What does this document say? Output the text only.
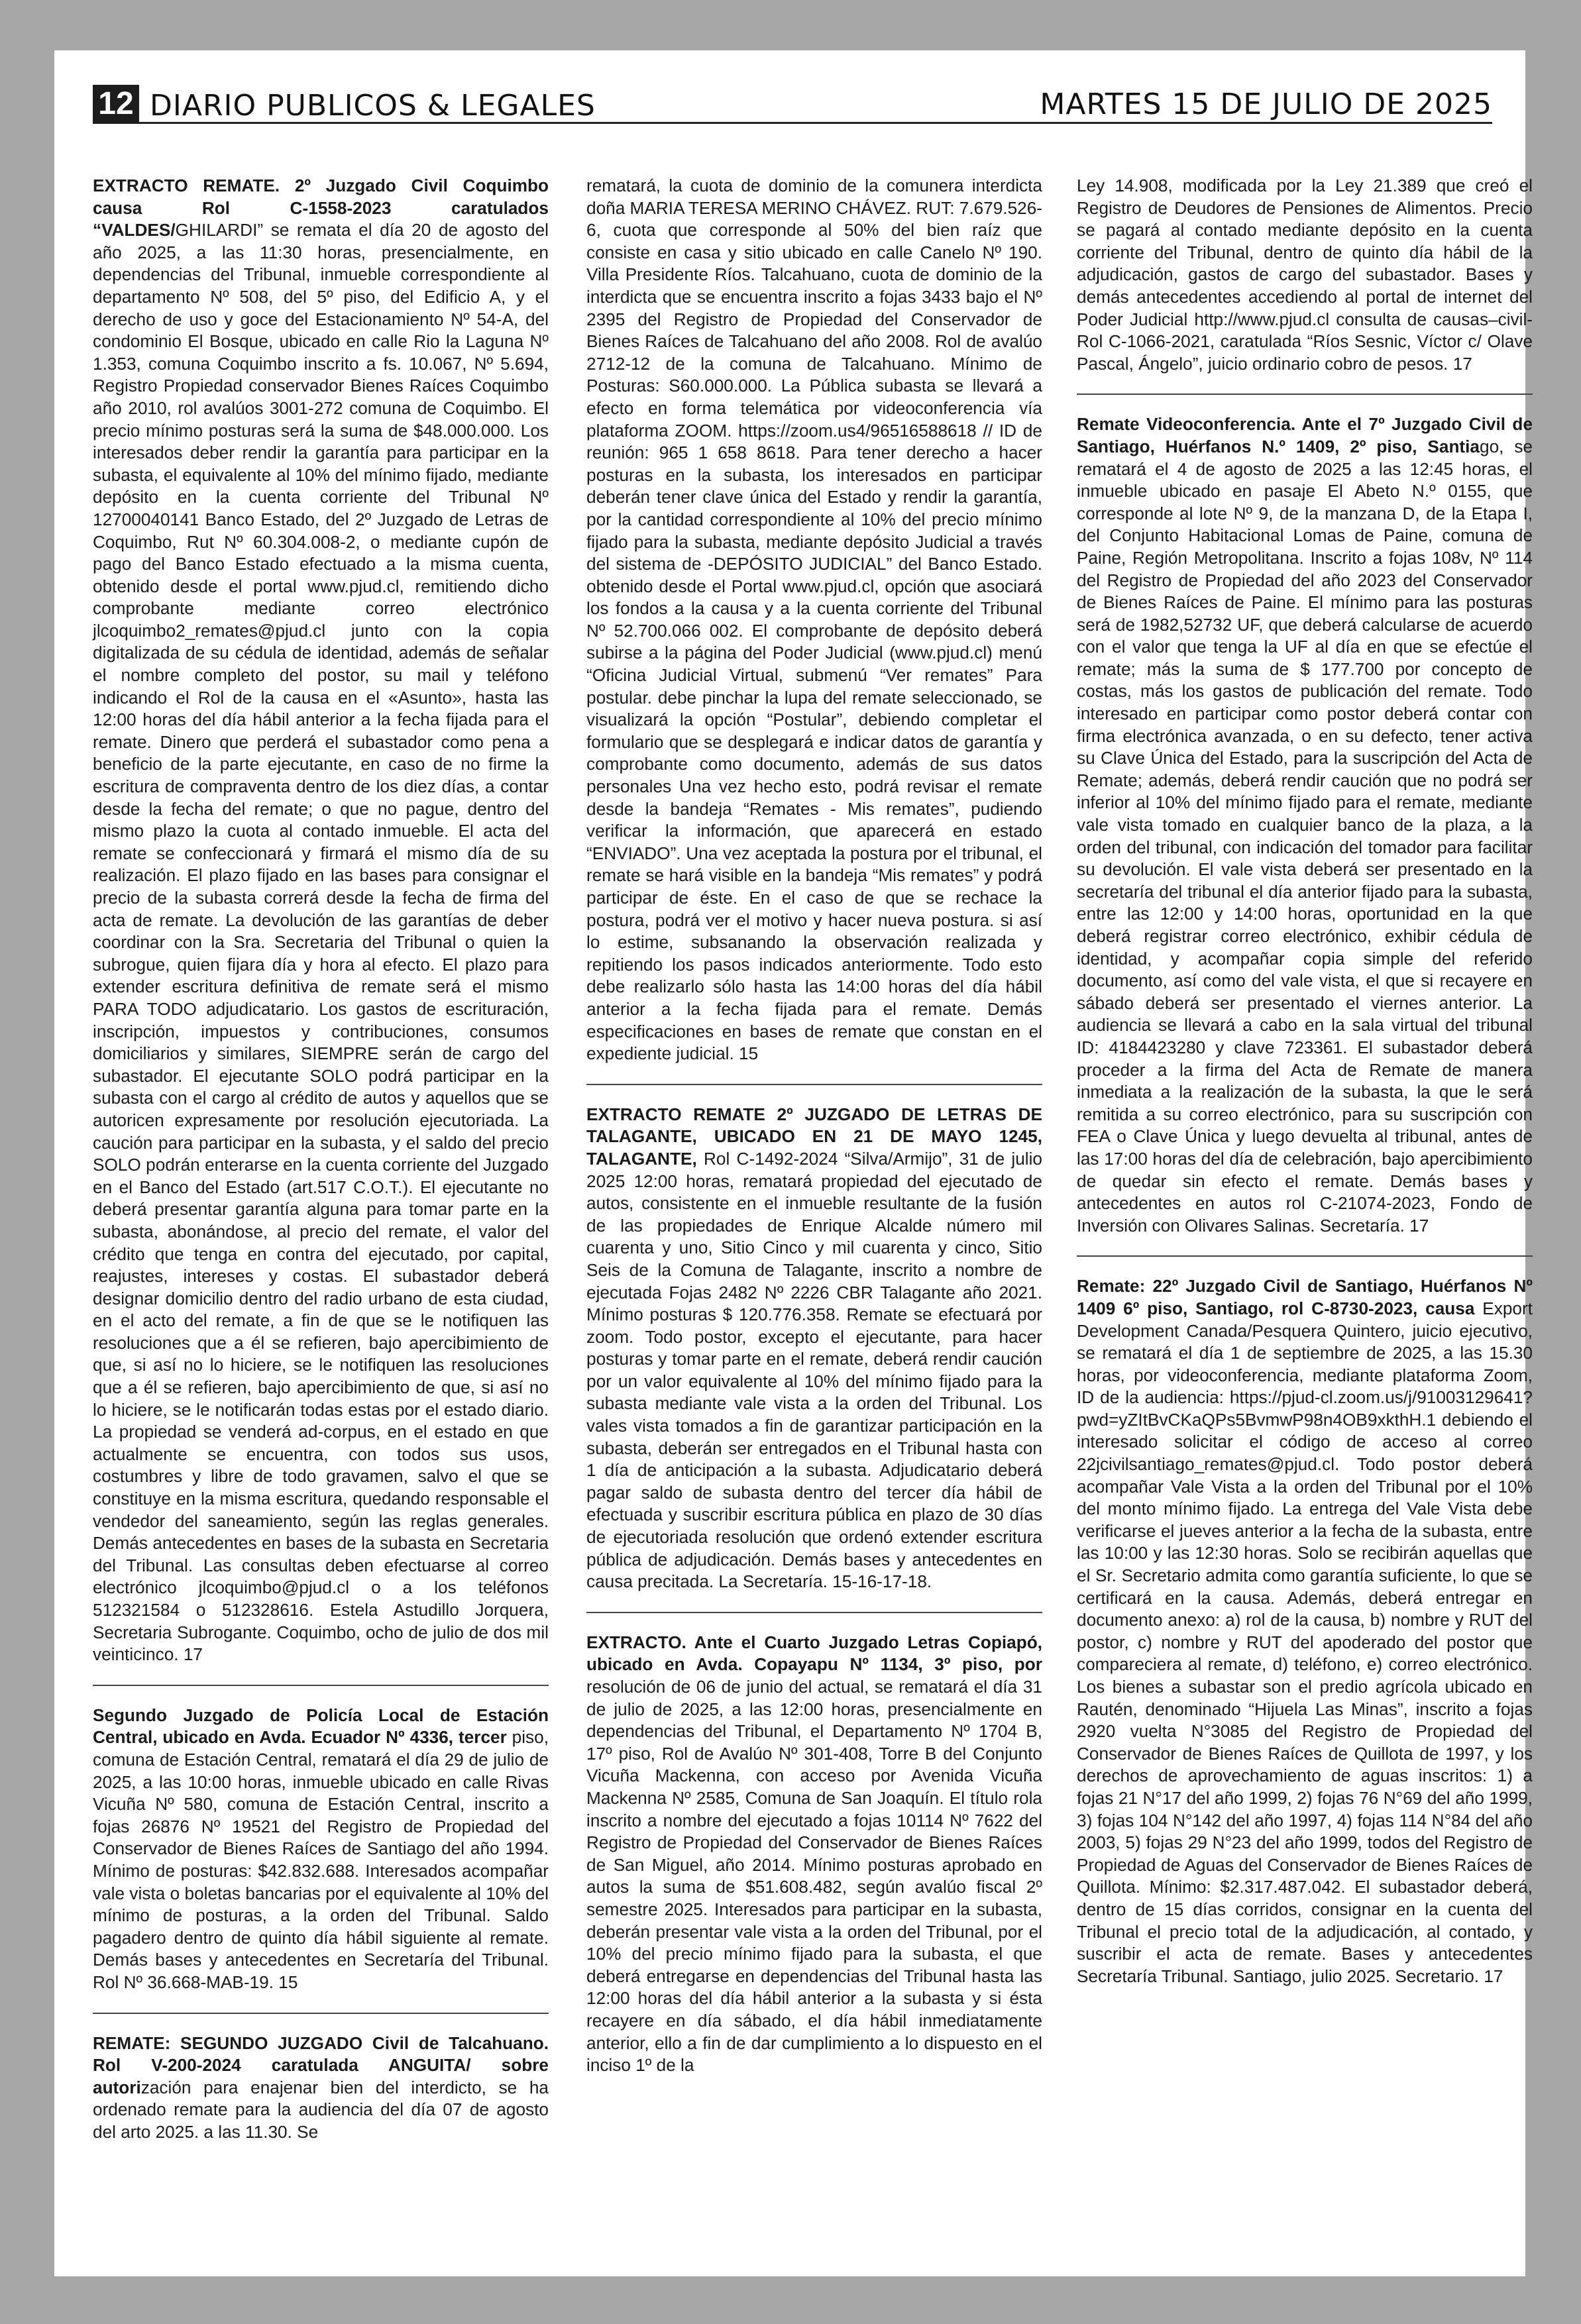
12 DIARIO PUBLICOS & LEGALES	MARTES 15 DE JULIO DE 2025

EXTRACTO REMATE. 2º Juzgado Civil Coquimbo causa Rol C-1558-2023 caratulados “VALDES/GHILARDI” se remata el día 20 de agosto del año 2025, a las 11:30 horas, presencialmente, en dependencias del Tribunal, inmueble correspondiente al departamento Nº 508, del 5º piso, del Edificio A, y el derecho de uso y goce del Estacionamiento Nº 54-A, del condominio El Bosque, ubicado en calle Rio la Laguna Nº 1.353, comuna Coquimbo inscrito a fs. 10.067, Nº 5.694, Registro Propiedad conservador Bienes Raíces Coquimbo año 2010, rol avalúos 3001-272 comuna de Coquimbo. El precio mínimo posturas será la suma de $48.000.000. Los interesados deber rendir la garantía para participar en la subasta, el equivalente al 10% del mínimo fijado, mediante depósito en la cuenta corriente del Tribunal Nº 12700040141 Banco Estado, del 2º Juzgado de Letras de Coquimbo, Rut Nº 60.304.008-2, o mediante cupón de pago del Banco Estado efectuado a la misma cuenta, obtenido desde el portal www.pjud.cl, remitiendo dicho comprobante mediante correo electrónico jlcoquimbo2_remates@pjud.cl junto con la copia digitalizada de su cédula de identidad, además de señalar el nombre completo del postor, su mail y teléfono indicando el Rol de la causa en el «Asunto», hasta las 12:00 horas del día hábil anterior a la fecha fijada para el remate. Dinero que perderá el subastador como pena a beneficio de la parte ejecutante, en caso de no firme la escritura de compraventa dentro de los diez días, a contar desde la fecha del remate; o que no pague, dentro del mismo plazo la cuota al contado inmueble. El acta del remate se confeccionará y firmará el mismo día de su realización. El plazo fijado en las bases para consignar el precio de la subasta correrá desde la fecha de firma del acta de remate. La devolución de las garantías de deber coordinar con la Sra. Secretaria del Tribunal o quien la subrogue, quien fijara día y hora al efecto. El plazo para extender escritura definitiva de remate será el mismo PARA TODO adjudicatario. Los gastos de escrituración, inscripción, impuestos y contribuciones, consumos domiciliarios y similares, SIEMPRE serán de cargo del subastador. El ejecutante SOLO podrá participar en la subasta con el cargo al crédito de autos y aquellos que se autoricen expresamente por resolución ejecutoriada. La caución para participar en la subasta, y el saldo del precio SOLO podrán enterarse en la cuenta corriente del Juzgado en el Banco del Estado (art.517 C.O.T.). El ejecutante no deberá presentar garantía alguna para tomar parte en la subasta, abonándose, al precio del remate, el valor del crédito que tenga en contra del ejecutado, por capital, reajustes, intereses y costas. El subastador deberá designar domicilio dentro del radio urbano de esta ciudad, en el acto del remate, a fin de que se le notifiquen las resoluciones que a él se refieren, bajo apercibimiento de que, si así no lo hiciere, se le notifiquen las resoluciones que a él se refieren, bajo apercibimiento de que, si así no lo hiciere, se le notificarán todas estas por el estado diario. La propiedad se venderá ad-corpus, en el estado en que actualmente se encuentra, con todos sus usos, costumbres y libre de todo gravamen, salvo el que se constituye en la misma escritura, quedando responsable el vendedor del saneamiento, según las reglas generales. Demás antecedentes en bases de la subasta en Secretaria del Tribunal. Las consultas deben efectuarse al correo electrónico jlcoquimbo@pjud.cl o a los teléfonos 512321584 o 512328616. Estela Astudillo Jorquera, Secretaria Subrogante. Coquimbo, ocho de julio de dos mil veinticinco. 17

Segundo Juzgado de Policía Local de Estación Central, ubicado en Avda. Ecuador Nº 4336, tercer piso, comuna de Estación Central, rematará el día 29 de julio de 2025, a las 10:00 horas, inmueble ubicado en calle Rivas Vicuña Nº 580, comuna de Estación Central, inscrito a fojas 26876 Nº 19521 del Registro de Propiedad del Conservador de Bienes Raíces de Santiago del año 1994. Mínimo de posturas: $42.832.688. Interesados acompañar vale vista o boletas bancarias por el equivalente al 10% del mínimo de posturas, a la orden del Tribunal. Saldo pagadero dentro de quinto día hábil siguiente al remate. Demás bases y antecedentes en Secretaría del Tribunal. Rol Nº 36.668-MAB-19. 15

REMATE: SEGUNDO JUZGADO Civil de Talcahuano. Rol V-200-2024 caratulada ANGUITA/ sobre autorización para enajenar bien del interdicto, se ha ordenado remate para la audiencia del día 07 de agosto del arto 2025. a las 11.30. Se

rematará, la cuota de dominio de la comunera interdicta doña MARIA TERESA MERINO CHÁVEZ. RUT: 7.679.526-6, cuota que corresponde al 50% del bien raíz que consiste en casa y sitio ubicado en calle Canelo Nº 190. Villa Presidente Ríos. Talcahuano, cuota de dominio de la interdicta que se encuentra inscrito a fojas 3433 bajo el Nº 2395 del Registro de Propiedad del Conservador de Bienes Raíces de Talcahuano del año 2008. Rol de avalúo 2712-12 de la comuna de Talcahuano. Mínimo de Posturas: S60.000.000. La Pública subasta se llevará a efecto en forma telemática por videoconferencia vía plataforma ZOOM. https://zoom.us4/96516588618 // ID de reunión: 965 1 658 8618. Para tener derecho a hacer posturas en la subasta, los interesados en participar deberán tener clave única del Estado y rendir la garantía, por la cantidad correspondiente al 10% del precio mínimo fijado para la subasta, mediante depósito Judicial a través del sistema de -DEPÓSITO JUDICIAL” del Banco Estado. obtenido desde el Portal www.pjud.cl, opción que asociará los fondos a la causa y a la cuenta corriente del Tribunal Nº 52.700.066 002. El comprobante de depósito deberá subirse a la página del Poder Judicial (www.pjud.cl) menú “Oficina Judicial Virtual, submenú “Ver remates” Para postular. debe pinchar la lupa del remate seleccionado, se visualizará la opción “Postular”, debiendo completar el formulario que se desplegará e indicar datos de garantía y comprobante como documento, además de sus datos personales Una vez hecho esto, podrá revisar el remate desde la bandeja “Remates - Mis remates”, pudiendo verificar la información, que aparecerá en estado “ENVIADO”. Una vez aceptada la postura por el tribunal, el remate se hará visible en la bandeja “Mis remates” y podrá participar de éste. En el caso de que se rechace la postura, podrá ver el motivo y hacer nueva postura. si así lo estime, subsanando la observación realizada y repitiendo los pasos indicados anteriormente. Todo esto debe realizarlo sólo hasta las 14:00 horas del día hábil anterior a la fecha fijada para el remate. Demás especificaciones en bases de remate que constan en el expediente judicial. 15

EXTRACTO REMATE 2º JUZGADO DE LETRAS DE TALAGANTE, UBICADO EN 21 DE MAYO 1245, TALAGANTE, Rol C-1492-2024 “Silva/Armijo”, 31 de julio 2025 12:00 horas, rematará propiedad del ejecutado de autos, consistente en el inmueble resultante de la fusión de las propiedades de Enrique Alcalde número mil cuarenta y uno, Sitio Cinco y mil cuarenta y cinco, Sitio Seis de la Comuna de Talagante, inscrito a nombre de ejecutada Fojas 2482 Nº 2226 CBR Talagante año 2021. Mínimo posturas $ 120.776.358. Remate se efectuará por zoom. Todo postor, excepto el ejecutante, para hacer posturas y tomar parte en el remate, deberá rendir caución por un valor equivalente al 10% del mínimo fijado para la subasta mediante vale vista a la orden del Tribunal. Los vales vista tomados a fin de garantizar participación en la subasta, deberán ser entregados en el Tribunal hasta con 1 día de anticipación a la subasta. Adjudicatario deberá pagar saldo de subasta dentro del tercer día hábil de efectuada y suscribir escritura pública en plazo de 30 días de ejecutoriada resolución que ordenó extender escritura pública de adjudicación. Demás bases y antecedentes en causa precitada. La Secretaría. 15-16-17-18.

EXTRACTO. Ante el Cuarto Juzgado Letras Copiapó, ubicado en Avda. Copayapu Nº 1134, 3º piso, por resolución de 06 de junio del actual, se rematará el día 31 de julio de 2025, a las 12:00 horas, presencialmente en dependencias del Tribunal, el Departamento Nº 1704 B, 17º piso, Rol de Avalúo Nº 301-408, Torre B del Conjunto Vicuña Mackenna, con acceso por Avenida Vicuña Mackenna Nº 2585, Comuna de San Joaquín. El título rola inscrito a nombre del ejecutado a fojas 10114 Nº 7622 del Registro de Propiedad del Conservador de Bienes Raíces de San Miguel, año 2014. Mínimo posturas aprobado en autos la suma de $51.608.482, según avalúo fiscal 2º semestre 2025. Interesados para participar en la subasta, deberán presentar vale vista a la orden del Tribunal, por el 10% del precio mínimo fijado para la subasta, el que deberá entregarse en dependencias del Tribunal hasta las 12:00 horas del día hábil anterior a la subasta y si ésta recayere en día sábado, el día hábil inmediatamente anterior, ello a fin de dar cumplimiento a lo dispuesto en el inciso 1º de la

Ley 14.908, modificada por la Ley 21.389 que creó el Registro de Deudores de Pensiones de Alimentos. Precio se pagará al contado mediante depósito en la cuenta corriente del Tribunal, dentro de quinto día hábil de la adjudicación, gastos de cargo del subastador. Bases y demás antecedentes accediendo al portal de internet del Poder Judicial http://www.pjud.cl consulta de causas–civil-Rol C-1066-2021, caratulada “Ríos Sesnic, Víctor c/ Olave Pascal, Ángelo”, juicio ordinario cobro de pesos. 17

Remate Videoconferencia. Ante el 7º Juzgado Civil de Santiago, Huérfanos N.º 1409, 2º piso, Santiago, se rematará el 4 de agosto de 2025 a las 12:45 horas, el inmueble ubicado en pasaje El Abeto N.º 0155, que corresponde al lote Nº 9, de la manzana D, de la Etapa I, del Conjunto Habitacional Lomas de Paine, comuna de Paine, Región Metropolitana. Inscrito a fojas 108v, Nº 114 del Registro de Propiedad del año 2023 del Conservador de Bienes Raíces de Paine. El mínimo para las posturas será de 1982,52732 UF, que deberá calcularse de acuerdo con el valor que tenga la UF al día en que se efectúe el remate; más la suma de $ 177.700 por concepto de costas, más los gastos de publicación del remate. Todo interesado en participar como postor deberá contar con firma electrónica avanzada, o en su defecto, tener activa su Clave Única del Estado, para la suscripción del Acta de Remate; además, deberá rendir caución que no podrá ser inferior al 10% del mínimo fijado para el remate, mediante vale vista tomado en cualquier banco de la plaza, a la orden del tribunal, con indicación del tomador para facilitar su devolución. El vale vista deberá ser presentado en la secretaría del tribunal el día anterior fijado para la subasta, entre las 12:00 y 14:00 horas, oportunidad en la que deberá registrar correo electrónico, exhibir cédula de identidad, y acompañar copia simple del referido documento, así como del vale vista, el que si recayere en sábado deberá ser presentado el viernes anterior. La audiencia se llevará a cabo en la sala virtual del tribunal ID: 4184423280 y clave 723361. El subastador deberá proceder a la firma del Acta de Remate de manera inmediata a la realización de la subasta, la que le será remitida a su correo electrónico, para su suscripción con FEA o Clave Única y luego devuelta al tribunal, antes de las 17:00 horas del día de celebración, bajo apercibimiento de quedar sin efecto el remate. Demás bases y antecedentes en autos rol C-21074-2023, Fondo de Inversión con Olivares Salinas. Secretaría. 17

Remate: 22º Juzgado Civil de Santiago, Huérfanos Nº 1409 6º piso, Santiago, rol C-8730-2023, causa Export Development Canada/Pesquera Quintero, juicio ejecutivo, se rematará el día 1 de septiembre de 2025, a las 15.30 horas, por videoconferencia, mediante plataforma Zoom, ID de la audiencia: https://pjud-cl.zoom.us/j/91003129641?pwd=yZItBvCKaQPs5BvmwP98n4OB9xkthH.1 debiendo el interesado solicitar el código de acceso al correo 22jcivilsantiago_remates@pjud.cl. Todo postor deberá acompañar Vale Vista a la orden del Tribunal por el 10% del monto mínimo fijado. La entrega del Vale Vista debe verificarse el jueves anterior a la fecha de la subasta, entre las 10:00 y las 12:30 horas. Solo se recibirán aquellas que el Sr. Secretario admita como garantía suficiente, lo que se certificará en la causa. Además, deberá entregar en documento anexo: a) rol de la causa, b) nombre y RUT del postor, c) nombre y RUT del apoderado del postor que compareciera al remate, d) teléfono, e) correo electrónico. Los bienes a subastar son el predio agrícola ubicado en Rautén, denominado “Hijuela Las Minas”, inscrito a fojas 2920 vuelta N°3085 del Registro de Propiedad del Conservador de Bienes Raíces de Quillota de 1997, y los derechos de aprovechamiento de aguas inscritos: 1) a fojas 21 N°17 del año 1999, 2) fojas 76 N°69 del año 1999, 3) fojas 104 N°142 del año 1997, 4) fojas 114 N°84 del año 2003, 5) fojas 29 N°23 del año 1999, todos del Registro de Propiedad de Aguas del Conservador de Bienes Raíces de Quillota. Mínimo: $2.317.487.042. El subastador deberá, dentro de 15 días corridos, consignar en la cuenta del Tribunal el precio total de la adjudicación, al contado, y suscribir el acta de remate. Bases y antecedentes Secretaría Tribunal. Santiago, julio 2025. Secretario. 17
